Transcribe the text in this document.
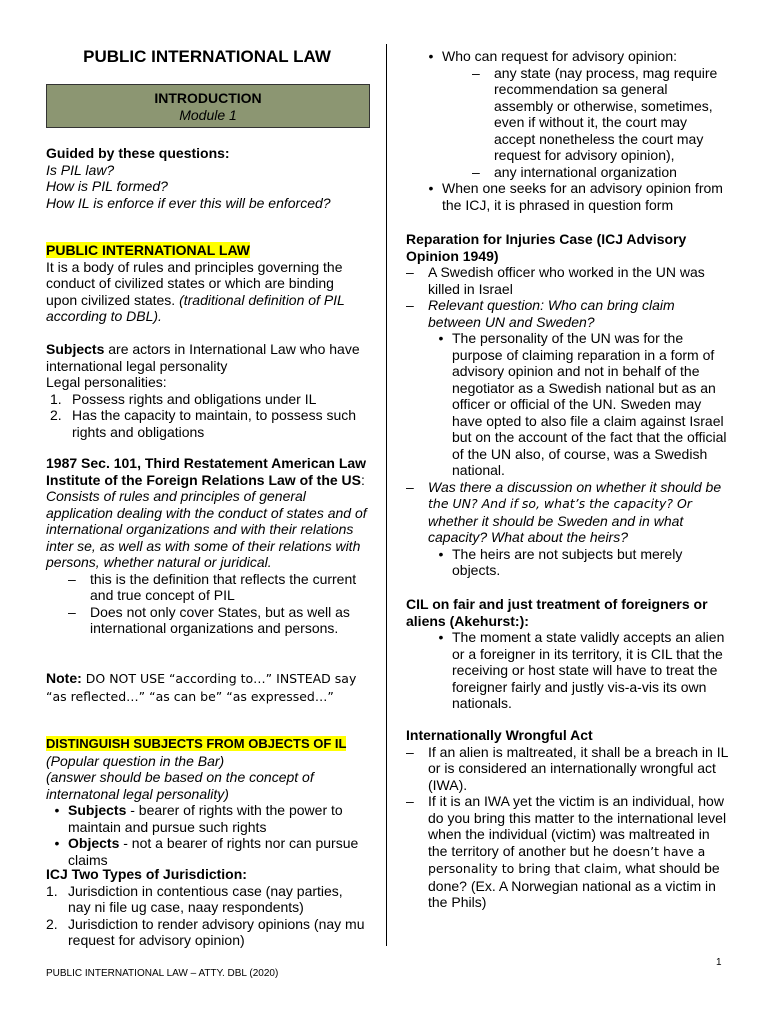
PUBLIC INTERNATIONAL LAW
INTRODUCTION
Module 1

Guided by these questions:

Is PIL law?

How is PIL formed?

How IL is enforce if ever this will be enforced?

PUBLIC INTERNATIONAL LAW

It is a body of rules and principles governing the conduct of civilized states or which are binding upon civilized states. (traditional definition of PIL according to DBL).

Subjects are actors in International Law who have international legal personality

Legal personalities:

1. Possess rights and obligations under IL
2. Has the capacity to maintain, to possess such rights and obligations

1987 Sec. 101, Third Restatement American Law Institute of the Foreign Relations Law of the US:

Consists of rules and principles of general application dealing with the conduct of states and of international organizations and with their relations inter se, as well as with some of their relations with persons, whether natural or juridical.

–	this is the definition that reflects the current and true concept of PIL
–	Does not only cover States, but as well as international organizations and persons.

Note: DO NOT USE “according to…” INSTEAD say “as reflected…” “as can be” “as expressed…”

DISTINGUISH SUBJECTS FROM OBJECTS OF IL

(Popular question in the Bar)

(answer should be based on the concept of internatonal legal personality)

• Subjects - bearer of rights with the power to maintain and pursue such rights
• Objects - not a bearer of rights nor can pursue claims

ICJ Two Types of Jurisdiction:

1. Jurisdiction in contentious case (nay parties, nay ni file ug case, naay respondents)
2. Jurisdiction to render advisory opinions (nay mu request for advisory opinion)
• Who can request for advisory opinion:
–	any state (nay process, mag require recommendation sa general assembly or otherwise, sometimes, even if without it, the court may accept nonetheless the court may request for advisory opinion),
–	any international organization
• When one seeks for an advisory opinion from the ICJ, it is phrased in question form

Reparation for Injuries Case (ICJ Advisory Opinion 1949)

–	A Swedish officer who worked in the UN was killed in Israel
–	Relevant question: Who can bring claim between UN and Sweden?
• The personality of the UN was for the purpose of claiming reparation in a form of advisory opinion and not in behalf of the negotiator as a Swedish national but as an officer or official of the UN. Sweden may have opted to also file a claim against Israel but on the account of the fact that the official of the UN also, of course, was a Swedish national.
–	Was there a discussion on whether it should be
the UN? And if so, what’s the capacity? Or
whether it should be Sweden and in what capacity? What about the heirs?
• The heirs are not subjects but merely objects.

CIL on fair and just treatment of foreigners or aliens (Akehurst:):

• The moment a state validly accepts an alien or a foreigner in its territory, it is CIL that the receiving or host state will have to treat the foreigner fairly and justly vis-a-vis its own nationals.

Internationally Wrongful Act

–	If an alien is maltreated, it shall be a breach in IL or is considered an internationally wrongful act (IWA).
–	If it is an IWA yet the victim is an individual, how do you bring this matter to the international level when the individual (victim) was maltreated in the territory of another but he doesn’t have a personality to bring that claim, what should be done? (Ex. A Norwegian national as a victim in the Phils)
PUBLIC INTERNATIONAL LAW – ATTY. DBL (2020)
1
